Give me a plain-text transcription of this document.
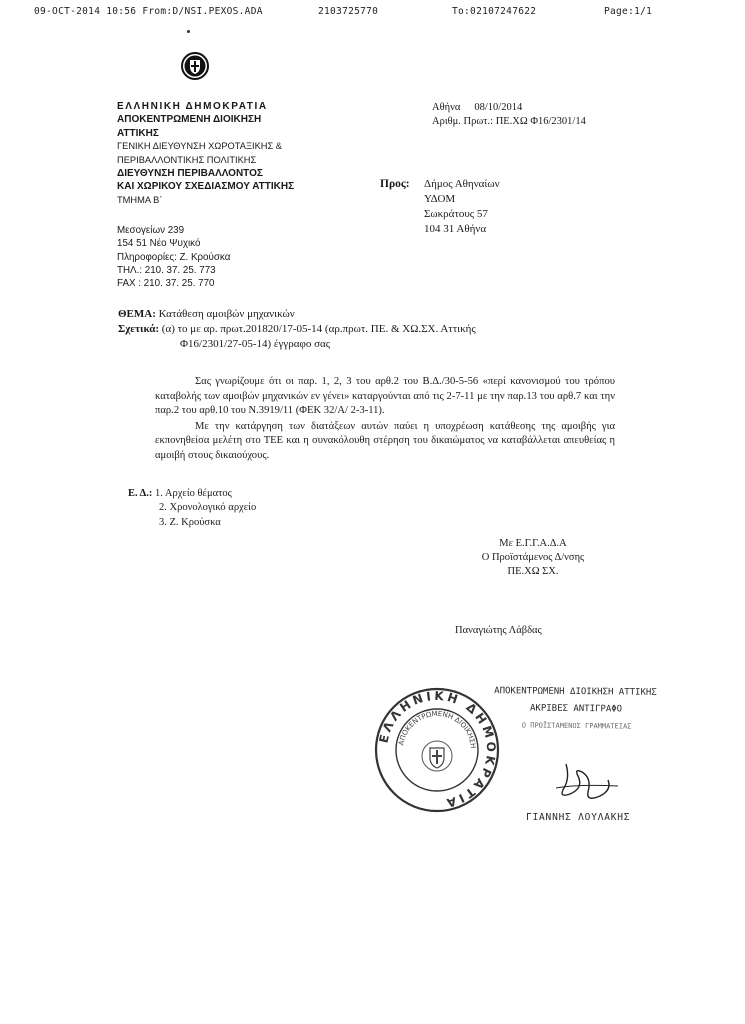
09-OCT-2014 10:56 From:D/NSI.PEXOS.ADA	2103725770	To:02107247622	Page:1/1
ΕΛΛΗΝΙΚΗ ΔΗΜΟΚΡΑΤΙΑ
ΑΠΟΚΕΝΤΡΩΜΕΝΗ ΔΙΟΙΚΗΣΗ
ΑΤΤΙΚΗΣ
ΓΕΝΙΚΗ ΔΙΕΥΘΥΝΣΗ ΧΩΡΟΤΑΞΙΚΗΣ &
ΠΕΡΙΒΑΛΛΟΝΤΙΚΗΣ ΠΟΛΙΤΙΚΗΣ
ΔΙΕΥΘΥΝΣΗ ΠΕΡΙΒΑΛΛΟΝΤΟΣ
ΚΑΙ ΧΩΡΙΚΟΥ ΣΧΕΔΙΑΣΜΟΥ ΑΤΤΙΚΗΣ
ΤΜΗΜΑ Β΄
Μεσογείων 239
154 51 Νέο Ψυχικό
Πληροφορίες: Ζ. Κρούσκα
ΤΗΛ.: 210. 37. 25. 773
FAX : 210. 37. 25. 770
Αθήνα 08/10/2014
Αριθμ. Πρωτ.: ΠΕ.ΧΩ Φ16/2301/14
Προς: Δήμος Αθηναίων
ΥΔΟΜ
Σωκράτους 57
104 31 Αθήνα
ΘΕΜΑ: Κατάθεση αμοιβών μηχανικών
Σχετικά: (α) το με αρ. πρωτ.201820/17-05-14 (αρ.πρωτ. ΠΕ. & ΧΩ.ΣΧ. Αττικής
Φ16/2301/27-05-14) έγγραφο σας

Σας γνωρίζουμε ότι οι παρ. 1, 2, 3 του αρθ.2 του Β.Δ./30-5-56 «περί κανονισμού του τρόπου καταβολής των αμοιβών μηχανικών εν γένει» καταργούνται από τις 2-7-11 με την παρ.13 του αρθ.7 και την παρ.2 του αρθ.10 του Ν.3919/11 (ΦΕΚ 32/Α/ 2-3-11).

Με την κατάργηση των διατάξεων αυτών παύει η υποχρέωση κατάθεσης της αμοιβής για εκπονηθείσα μελέτη στο ΤΕΕ και η συνακόλουθη στέρηση του δικαιώματος να καταβάλλεται απευθείας η αμοιβή στους δικαιούχους.

Ε. Δ.: 1. Αρχείο θέματος
2. Χρονολογικό αρχείο
3. Ζ. Κρούσκα
Με Ε.Γ.Γ.Α.Δ.Α
Ο Προϊστάμενος Δ/νσης
ΠΕ.ΧΩ ΣΧ.
Παναγιώτης Λάβδας
ΕΛΛΗΝΙΚΗ ΔΗΜΟΚΡΑΤΙΑ
ΑΠΟΚΕΝΤΡΩΜΕΝΗ ΔΙΟΙΚΗΣΗ
ΑΠΟΚΕΝΤΡΩΜΕΝΗ ΔΙΟΙΚΗΣΗ ΑΤΤΙΚΗΣ
ΑΚΡΙΒΕΣ ΑΝΤΙΓΡΑΦΟ
Ο ΠΡΟΪΣΤΑΜΕΝΟΣ ΓΡΑΜΜΑΤΕΙΑΣ
ΓΙΑΝΝΗΣ ΛΟΥΛΑΚΗΣ
